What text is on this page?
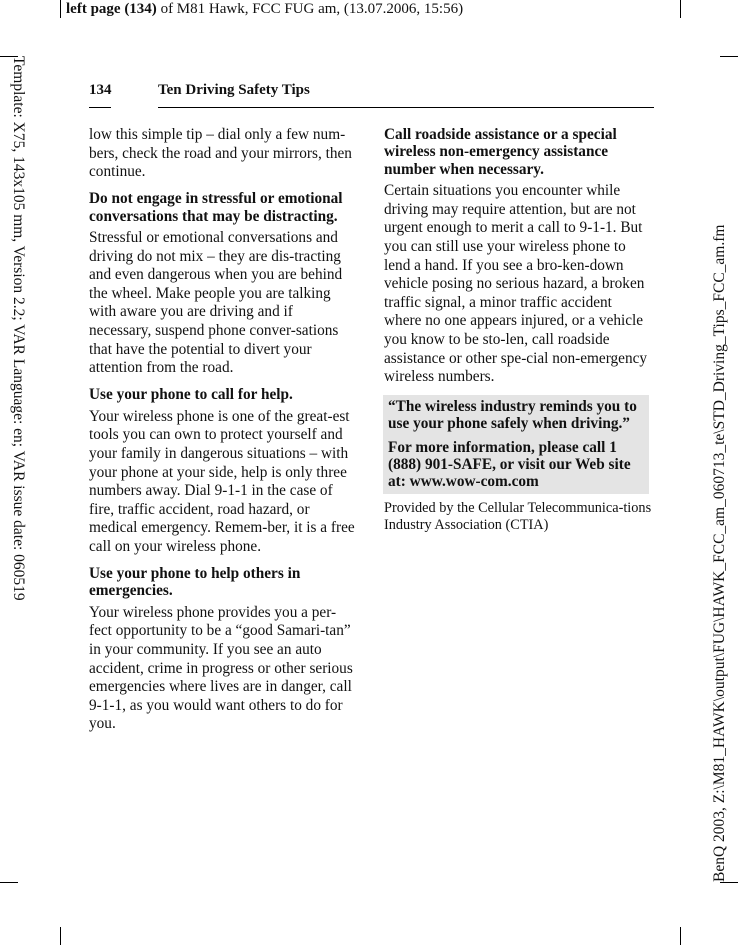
left page (134) of M81 Hawk, FCC FUG am, (13.07.2006, 15:56)
Template: X75, 143x105 mm, Version 2.2; VAR Language: en; VAR issue date: 060519	BenQ 2003, Z:\M81_HAWK\output\FUG\HAWK_FCC_am_060713_te\STD_Driving_Tips_FCC_am.fm
134	Ten Driving Safety Tips

low this simple tip – dial only a few num-bers, check the road and your mirrors, then continue.

Do not engage in stressful or emotional conversations that may be distracting.

Stressful or emotional conversations and driving do not mix – they are dis-tracting and even dangerous when you are behind the wheel. Make people you are talking with aware you are driving and if necessary, suspend phone conver-sations that have the potential to divert your attention from the road.

Use your phone to call for help.

Your wireless phone is one of the great-est tools you can own to protect yourself and your family in dangerous situations – with your phone at your side, help is only three numbers away. Dial 9-1-1 in the case of fire, traffic accident, road hazard, or medical emergency. Remem-ber, it is a free call on your wireless phone.

Use your phone to help others in emergencies.

Your wireless phone provides you a per-fect opportunity to be a “good Samari-tan” in your community. If you see an auto accident, crime in progress or other serious emergencies where lives are in danger, call 9-1-1, as you would want others to do for you.

Call roadside assistance or a special wireless non-emergency assistance number when necessary.

Certain situations you encounter while driving may require attention, but are not urgent enough to merit a call to 9-1-1. But you can still use your wireless phone to lend a hand. If you see a bro-ken-down vehicle posing no serious hazard, a broken traffic signal, a minor traffic accident where no one appears injured, or a vehicle you know to be sto-len, call roadside assistance or other spe-cial non-emergency wireless numbers.

“The wireless industry reminds you to use your phone safely when driving.”

For more information, please call 1 (888) 901-SAFE, or visit our Web site at: www.wow-com.com

Provided by the Cellular Telecommunica-tions Industry Association (CTIA)
